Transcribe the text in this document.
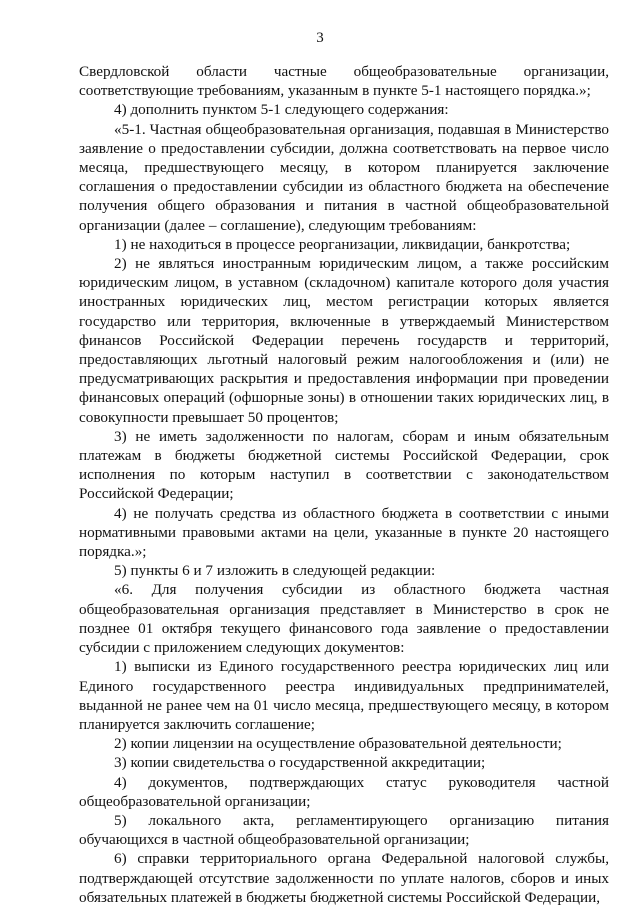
3

Свердловской области частные общеобразовательные организации, соответствующие требованиям, указанным в пункте 5-1 настоящего порядка.»;

4) дополнить пунктом 5-1 следующего содержания:

«5-1. Частная общеобразовательная организация, подавшая в Министерство заявление о предоставлении субсидии, должна соответствовать на первое число месяца, предшествующего месяцу, в котором планируется заключение соглашения о предоставлении субсидии из областного бюджета на обеспечение получения общего образования и питания в частной общеобразовательной организации (далее – соглашение), следующим требованиям:

1) не находиться в процессе реорганизации, ликвидации, банкротства;

2) не являться иностранным юридическим лицом, а также российским юридическим лицом, в уставном (складочном) капитале которого доля участия иностранных юридических лиц, местом регистрации которых является государство или территория, включенные в утверждаемый Министерством финансов Российской Федерации перечень государств и территорий, предоставляющих льготный налоговый режим налогообложения и (или) не предусматривающих раскрытия и предоставления информации при проведении финансовых операций (офшорные зоны) в отношении таких юридических лиц, в совокупности превышает 50 процентов;

3) не иметь задолженности по налогам, сборам и иным обязательным платежам в бюджеты бюджетной системы Российской Федерации, срок исполнения по которым наступил в соответствии с законодательством Российской Федерации;

4) не получать средства из областного бюджета в соответствии с иными нормативными правовыми актами на цели, указанные в пункте 20 настоящего порядка.»;

5) пункты 6 и 7 изложить в следующей редакции:

«6. Для получения субсидии из областного бюджета частная общеобразовательная организация представляет в Министерство в срок не позднее 01 октября текущего финансового года заявление о предоставлении субсидии с приложением следующих документов:

1) выписки из Единого государственного реестра юридических лиц или Единого государственного реестра индивидуальных предпринимателей, выданной не ранее чем на 01 число месяца, предшествующего месяцу, в котором планируется заключить соглашение;

2) копии лицензии на осуществление образовательной деятельности;

3) копии свидетельства о государственной аккредитации;

4) документов, подтверждающих статус руководителя частной общеобразовательной организации;

5) локального акта, регламентирующего организацию питания обучающихся в частной общеобразовательной организации;

6) справки территориального органа Федеральной налоговой службы, подтверждающей отсутствие задолженности по уплате налогов, сборов и иных обязательных платежей в бюджеты бюджетной системы Российской Федерации,
